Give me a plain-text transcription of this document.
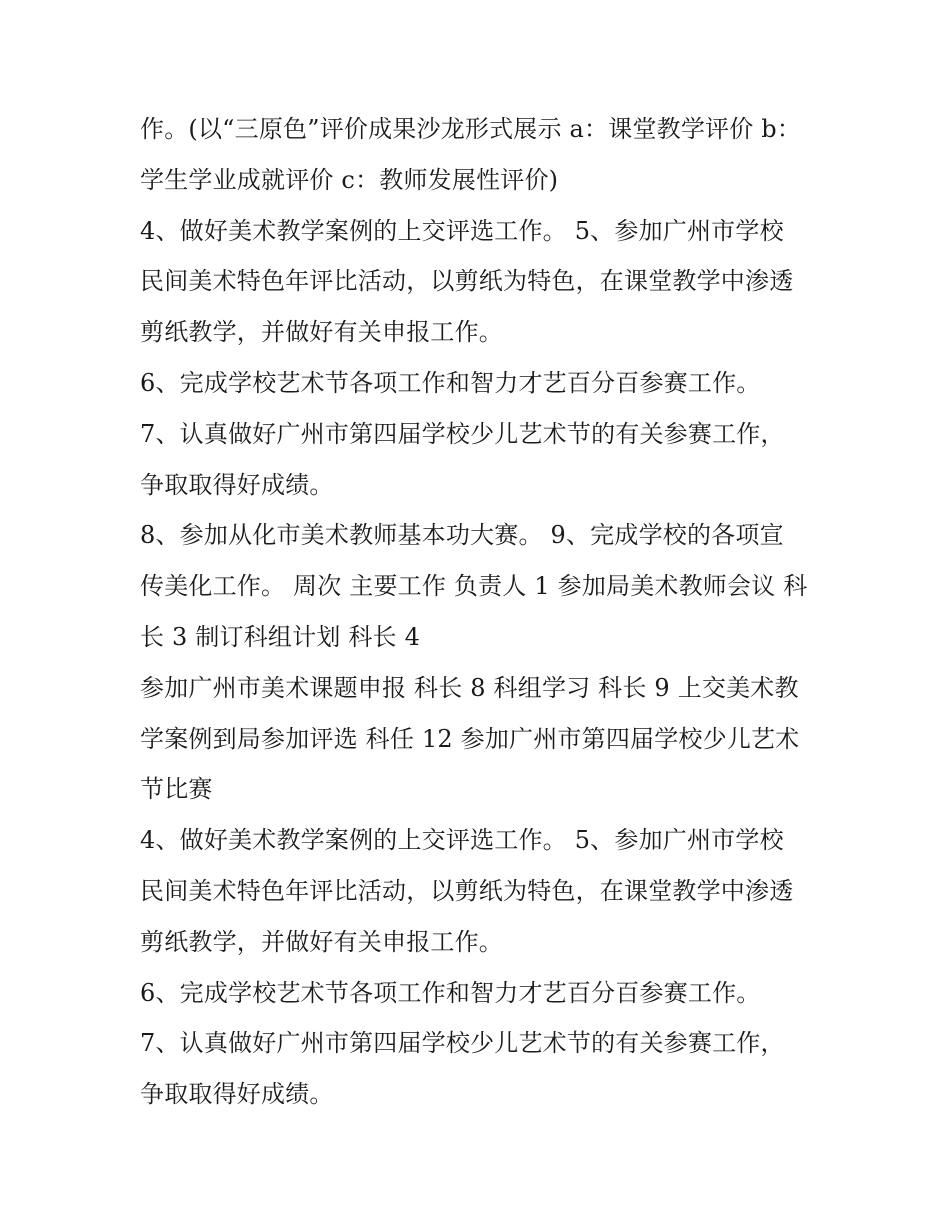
作。(以“三原色”评价成果沙龙形式展示 a：课堂教学评价 b：
学生学业成就评价 c：教师发展性评价)
4、做好美术教学案例的上交评选工作。 5、参加广州市学校
民间美术特色年评比活动，以剪纸为特色，在课堂教学中渗透
剪纸教学，并做好有关申报工作。
6、完成学校艺术节各项工作和智力才艺百分百参赛工作。
7、认真做好广州市第四届学校少儿艺术节的有关参赛工作，
争取取得好成绩。
8、参加从化市美术教师基本功大赛。 9、完成学校的各项宣
传美化工作。 周次 主要工作 负责人 1 参加局美术教师会议 科
长 3 制订科组计划 科长 4
参加广州市美术课题申报 科长 8 科组学习 科长 9 上交美术教
学案例到局参加评选 科任 12 参加广州市第四届学校少儿艺术
节比赛
4、做好美术教学案例的上交评选工作。 5、参加广州市学校
民间美术特色年评比活动，以剪纸为特色，在课堂教学中渗透
剪纸教学，并做好有关申报工作。
6、完成学校艺术节各项工作和智力才艺百分百参赛工作。
7、认真做好广州市第四届学校少儿艺术节的有关参赛工作，
争取取得好成绩。
